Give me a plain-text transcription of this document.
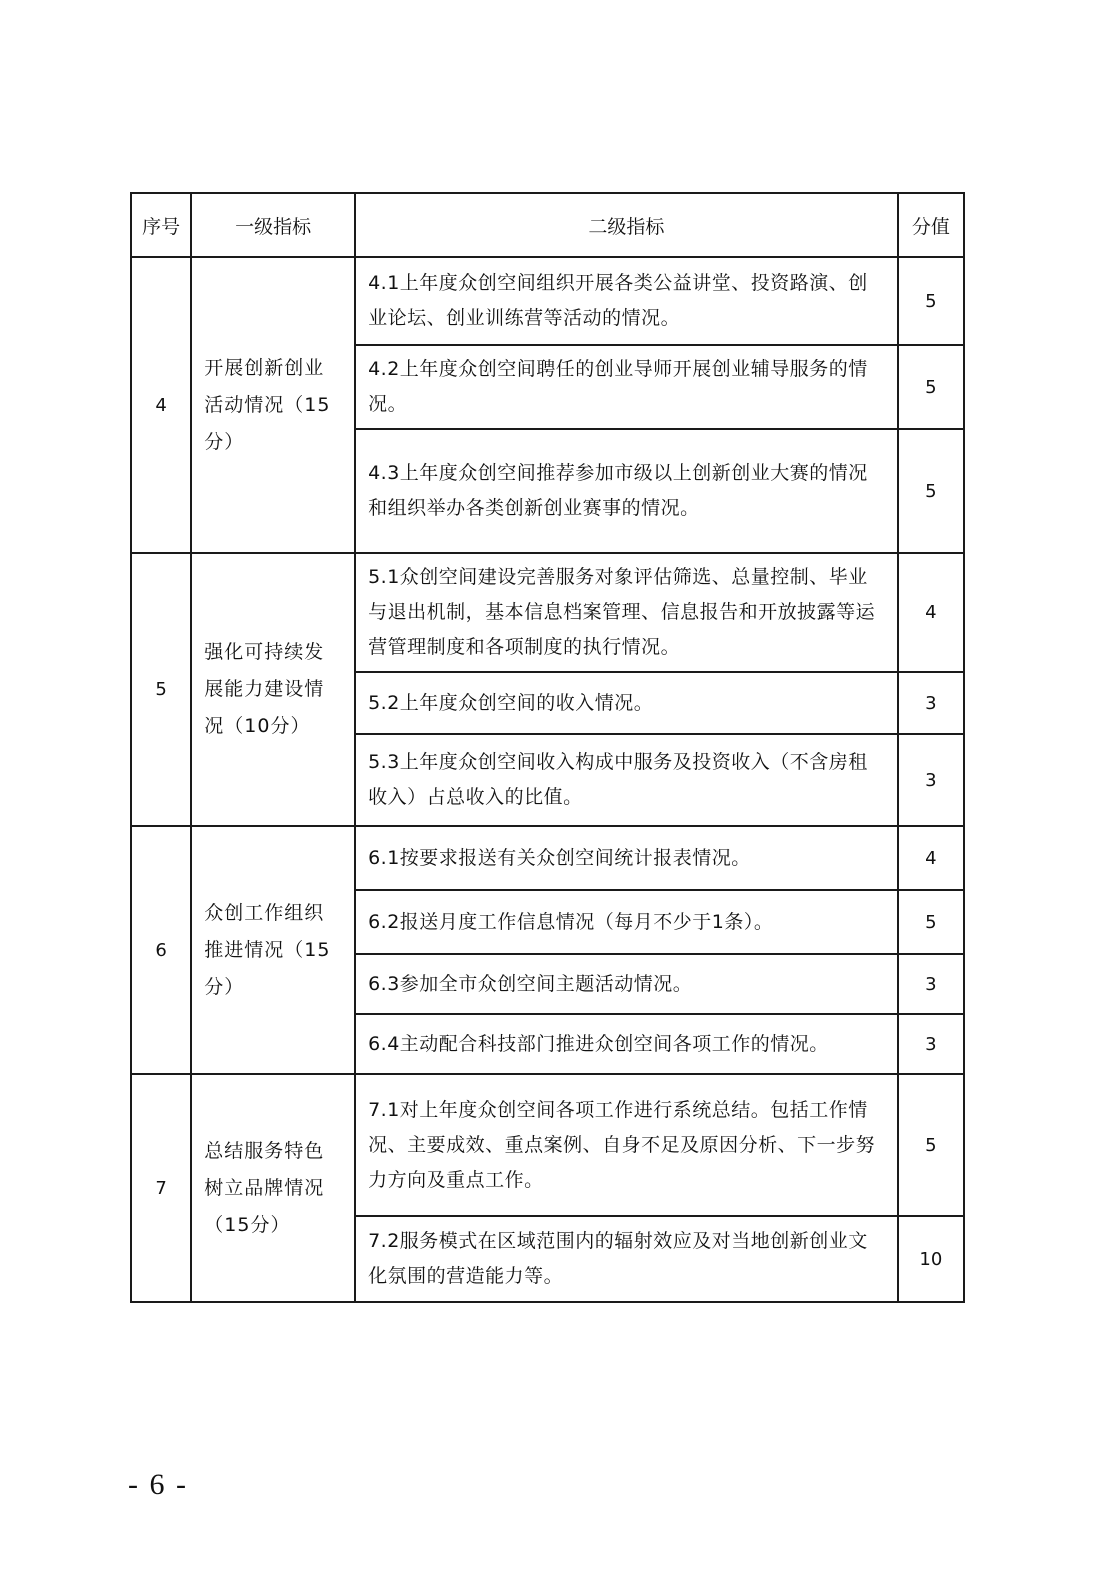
序号	一级指标	二级指标	分值
4	开展创新创业活动情况（15分）	4.1上年度众创空间组织开展各类公益讲堂、投资路演、创业论坛、创业训练营等活动的情况。	5
		4.2上年度众创空间聘任的创业导师开展创业辅导服务的情况。	5
		4.3上年度众创空间推荐参加市级以上创新创业大赛的情况和组织举办各类创新创业赛事的情况。	5
5	强化可持续发展能力建设情况（10分）	5.1众创空间建设完善服务对象评估筛选、总量控制、毕业与退出机制，基本信息档案管理、信息报告和开放披露等运营管理制度和各项制度的执行情况。	4
		5.2上年度众创空间的收入情况。	3
		5.3上年度众创空间收入构成中服务及投资收入（不含房租收入）占总收入的比值。	3
6	众创工作组织推进情况（15分）	6.1按要求报送有关众创空间统计报表情况。	4
		6.2报送月度工作信息情况（每月不少于1条）。	5
		6.3参加全市众创空间主题活动情况。	3
		6.4主动配合科技部门推进众创空间各项工作的情况。	3
7	总结服务特色树立品牌情况（15分）	7.1对上年度众创空间各项工作进行系统总结。包括工作情况、主要成效、重点案例、自身不足及原因分析、下一步努力方向及重点工作。	5
		7.2服务模式在区域范围内的辐射效应及对当地创新创业文化氛围的营造能力等。	10
- 6 -
